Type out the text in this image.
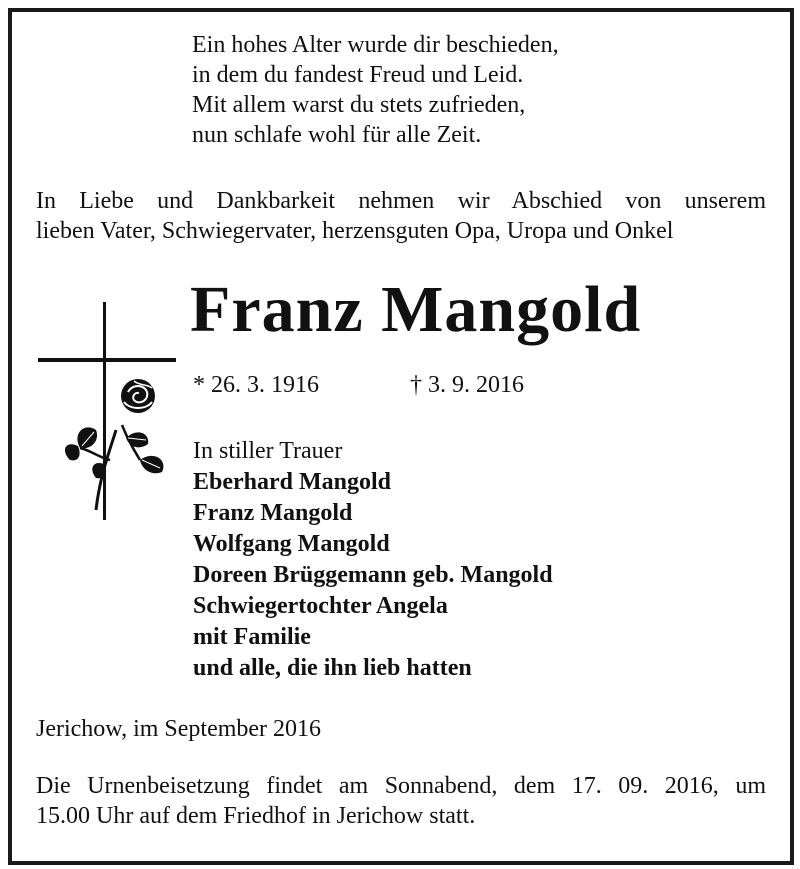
Ein hohes Alter wurde dir beschieden,
in dem du fandest Freud und Leid.
Mit allem warst du stets zufrieden,
nun schlafe wohl für alle Zeit.
In Liebe und Dankbarkeit nehmen wir Abschied von unserem
lieben Vater, Schwiegervater, herzensguten Opa, Uropa und Onkel
Franz Mangold
* 26. 3. 1916	† 3. 9. 2016
In stiller Trauer
Eberhard Mangold
Franz Mangold
Wolfgang Mangold
Doreen Brüggemann geb. Mangold
Schwiegertochter Angela
mit Familie
und alle, die ihn lieb hatten
Jerichow, im September 2016
Die Urnenbeisetzung findet am Sonnabend, dem 17. 09. 2016, um
15.00 Uhr auf dem Friedhof in Jerichow statt.
